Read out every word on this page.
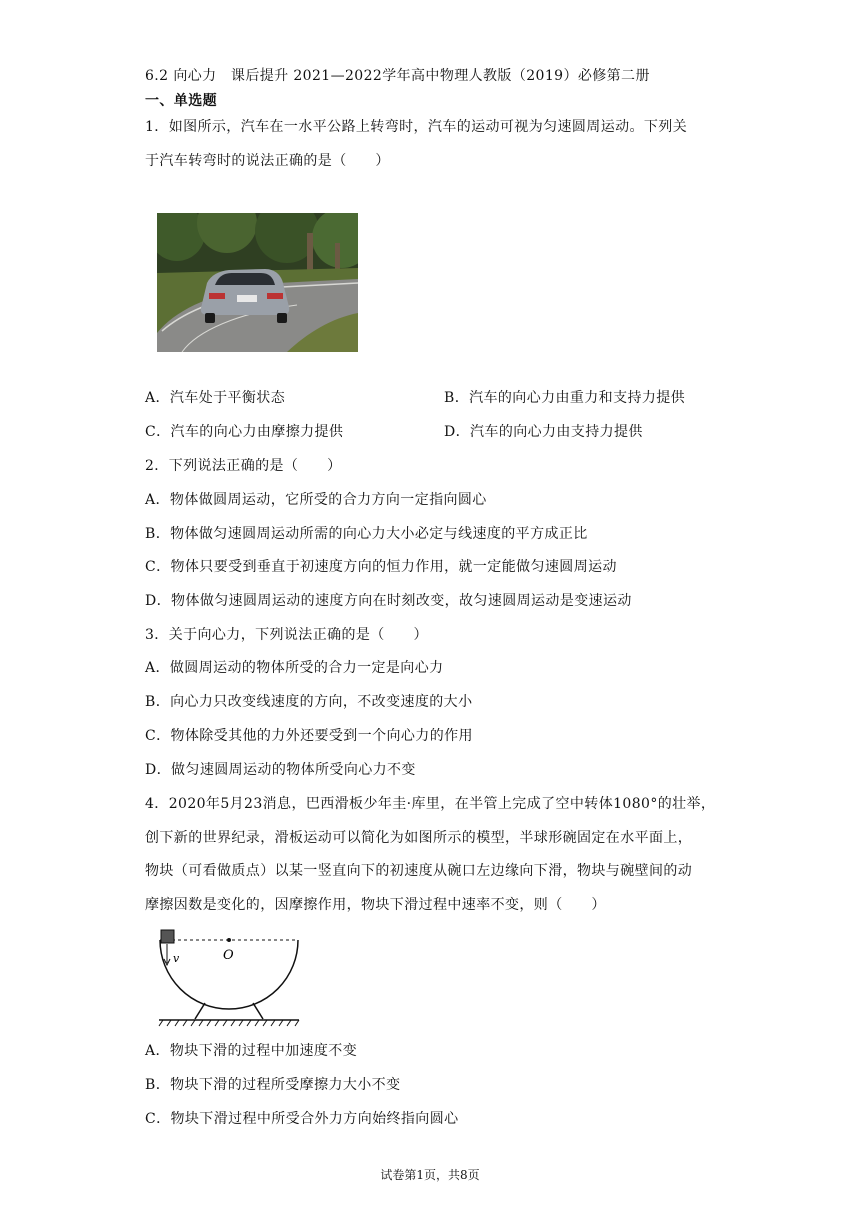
6.2 向心力　课后提升 2021—2022学年高中物理人教版（2019）必修第二册
一、单选题
1．如图所示，汽车在一水平公路上转弯时，汽车的运动可视为匀速圆周运动。下列关
于汽车转弯时的说法正确的是（　　）
A．汽车处于平衡状态	B．汽车的向心力由重力和支持力提供
C．汽车的向心力由摩擦力提供	D．汽车的向心力由支持力提供
2．下列说法正确的是（　　）
A．物体做圆周运动，它所受的合力方向一定指向圆心
B．物体做匀速圆周运动所需的向心力大小必定与线速度的平方成正比
C．物体只要受到垂直于初速度方向的恒力作用，就一定能做匀速圆周运动
D．物体做匀速圆周运动的速度方向在时刻改变，故匀速圆周运动是变速运动
3．关于向心力，下列说法正确的是（　　）
A．做圆周运动的物体所受的合力一定是向心力
B．向心力只改变线速度的方向，不改变速度的大小
C．物体除受其他的力外还要受到一个向心力的作用
D．做匀速圆周运动的物体所受向心力不变
4．2020年5月23消息，巴西滑板少年圭·库里，在半管上完成了空中转体1080°的壮举，
创下新的世界纪录，滑板运动可以简化为如图所示的模型，半球形碗固定在水平面上，
物块（可看做质点）以某一竖直向下的初速度从碗口左边缘向下滑，物块与碗壁间的动
摩擦因数是变化的，因摩擦作用，物块下滑过程中速率不变，则（　　）
v	O
A．物块下滑的过程中加速度不变
B．物块下滑的过程所受摩擦力大小不变
C．物块下滑过程中所受合外力方向始终指向圆心
试卷第1页，共8页
